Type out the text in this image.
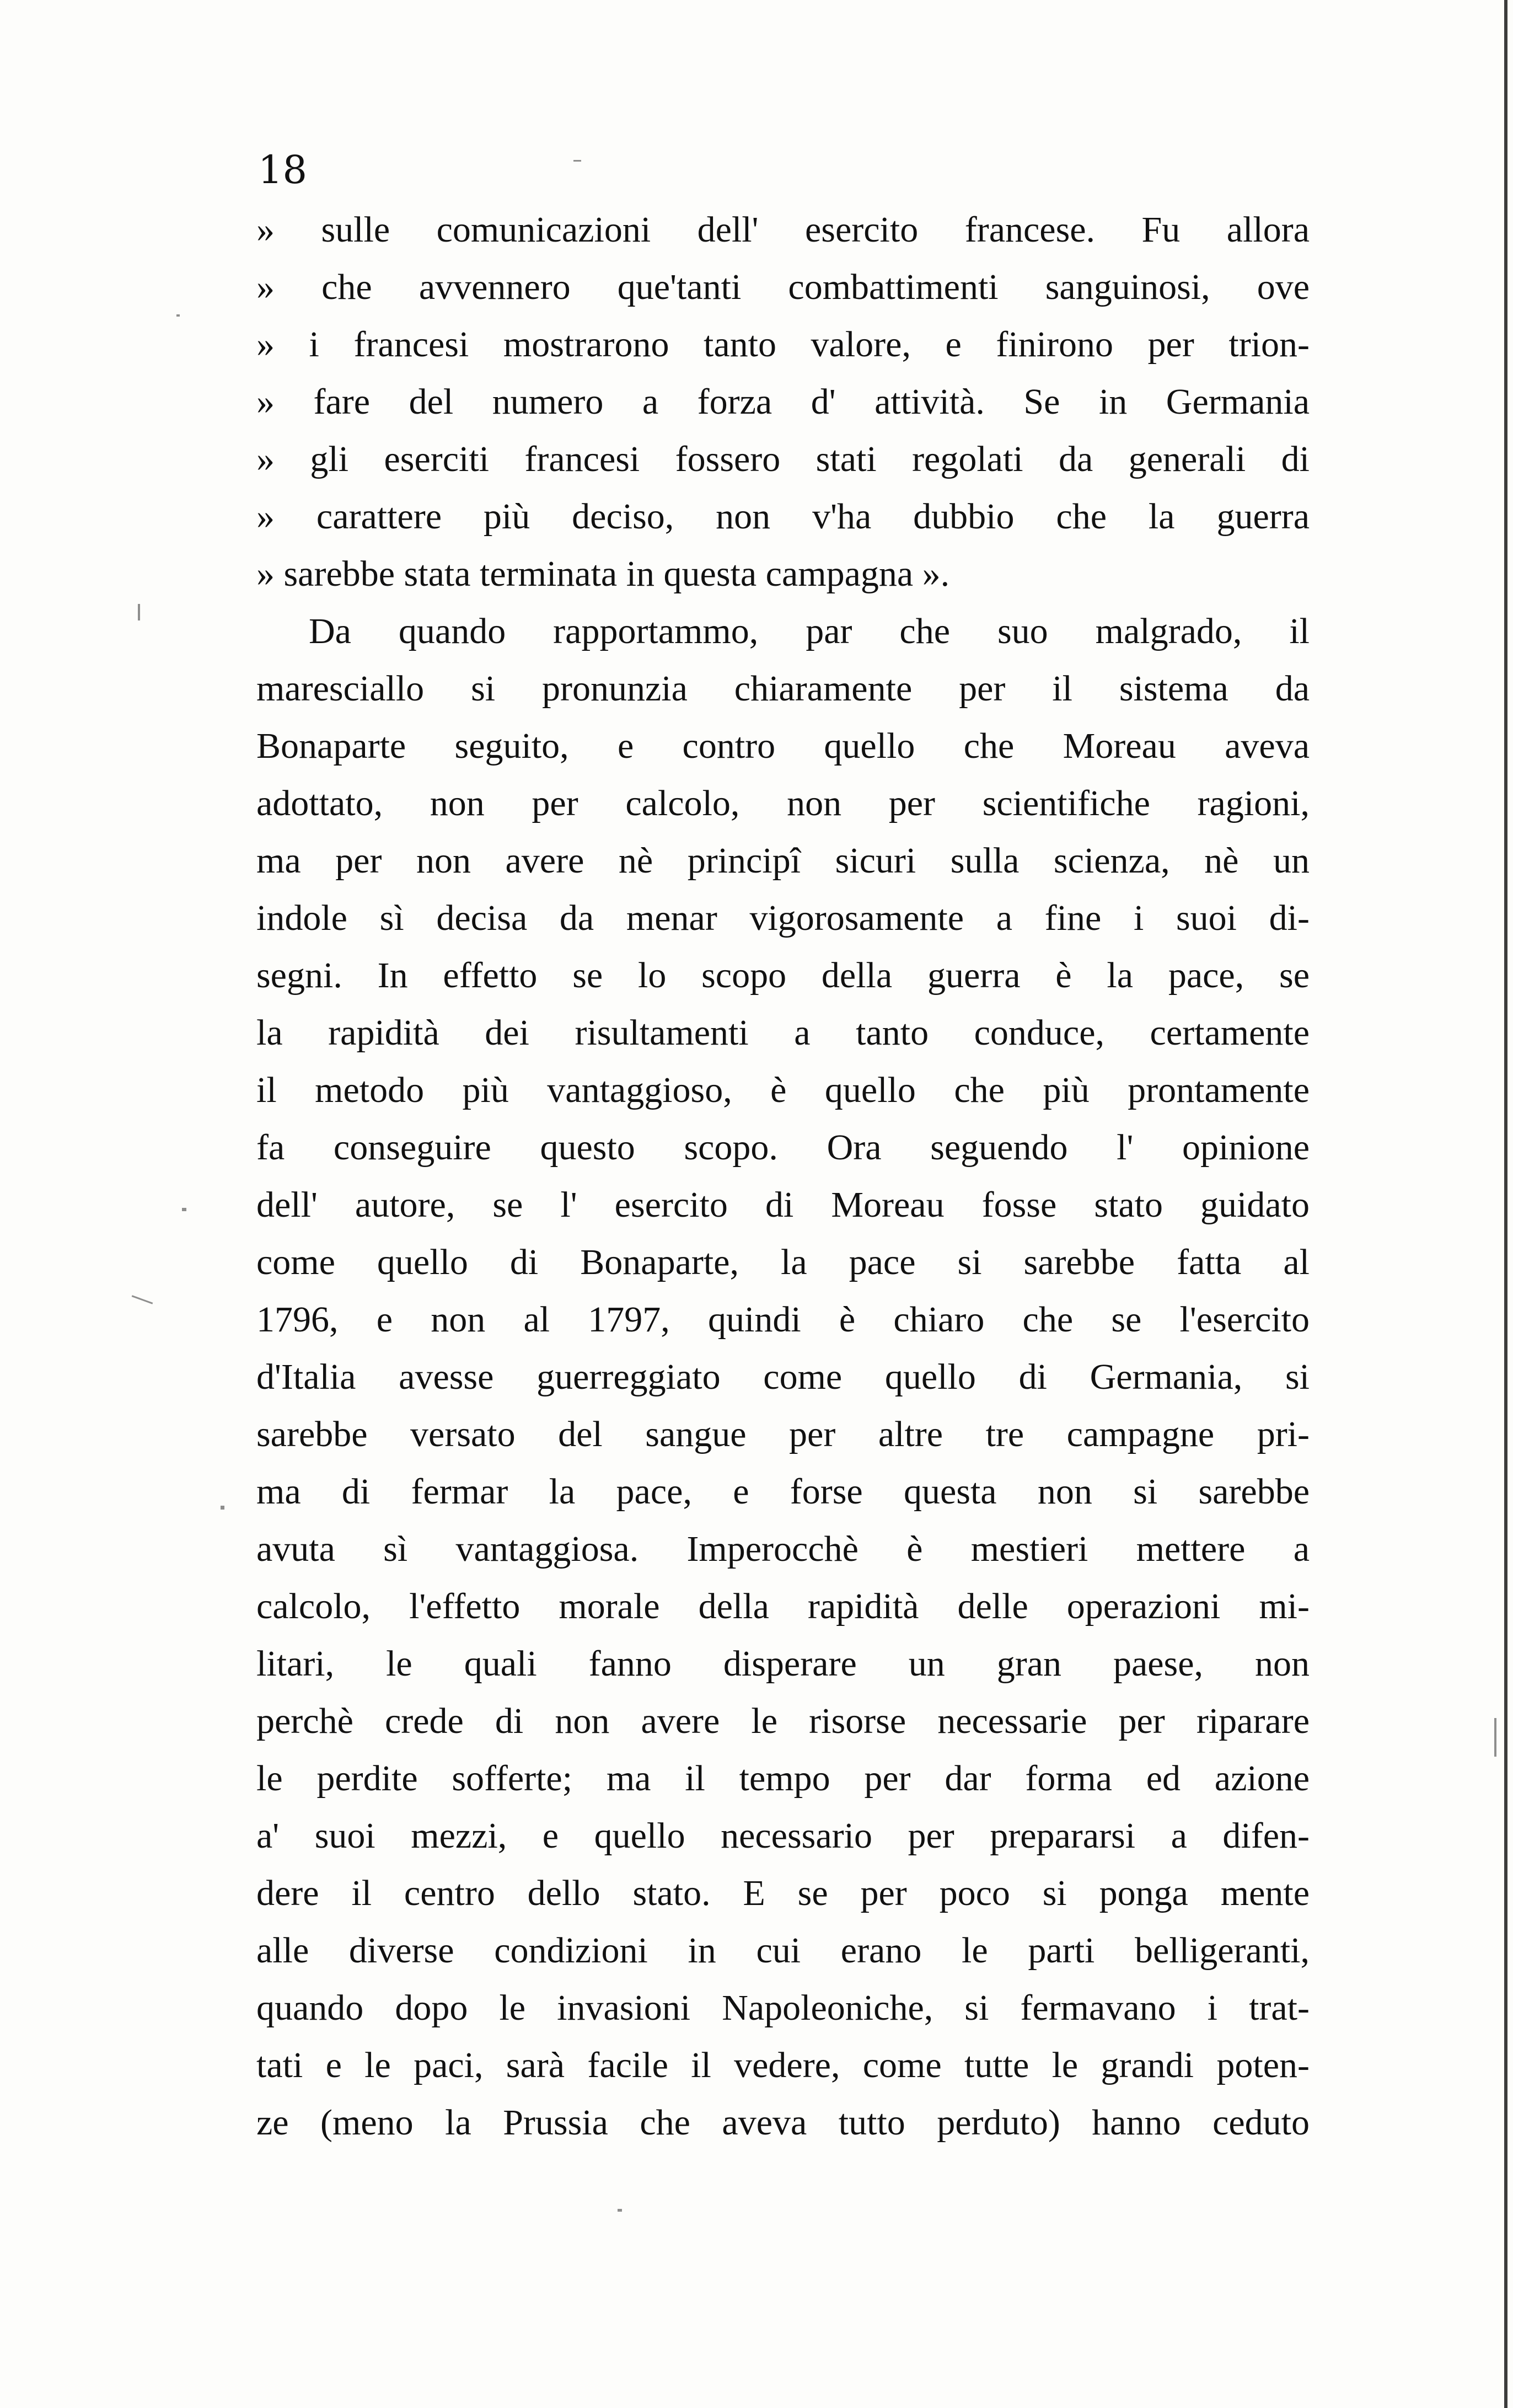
18
» sulle comunicazioni dell' esercito francese. Fu allora
» che avvennero que'tanti combattimenti sanguinosi, ove
» i francesi mostrarono tanto valore, e finirono per trion-
» fare del numero a forza d' attività. Se in Germania
» gli eserciti francesi fossero stati regolati da generali di
» carattere più deciso, non v'ha dubbio che la guerra
» sarebbe stata terminata in questa campagna ».
Da quando rapportammo, par che suo malgrado, il
maresciallo si pronunzia chiaramente per il sistema da
Bonaparte seguito, e contro quello che Moreau aveva
adottato, non per calcolo, non per scientifiche ragioni,
ma per non avere nè principî sicuri sulla scienza, nè un
indole sì decisa da menar vigorosamente a fine i suoi di-
segni. In effetto se lo scopo della guerra è la pace, se
la rapidità dei risultamenti a tanto conduce, certamente
il metodo più vantaggioso, è quello che più prontamente
fa conseguire questo scopo. Ora seguendo l' opinione
dell' autore, se l' esercito di Moreau fosse stato guidato
come quello di Bonaparte, la pace si sarebbe fatta al
1796, e non al 1797, quindi è chiaro che se l'esercito
d'Italia avesse guerreggiato come quello di Germania, si
sarebbe versato del sangue per altre tre campagne pri-
ma di fermar la pace, e forse questa non si sarebbe
avuta sì vantaggiosa. Imperocchè è mestieri mettere a
calcolo, l'effetto morale della rapidità delle operazioni mi-
litari, le quali fanno disperare un gran paese, non
perchè crede di non avere le risorse necessarie per riparare
le perdite sofferte; ma il tempo per dar forma ed azione
a' suoi mezzi, e quello necessario per prepararsi a difen-
dere il centro dello stato. E se per poco si ponga mente
alle diverse condizioni in cui erano le parti belligeranti,
quando dopo le invasioni Napoleoniche, si fermavano i trat-
tati e le paci, sarà facile il vedere, come tutte le grandi poten-
ze (meno la Prussia che aveva tutto perduto) hanno ceduto
